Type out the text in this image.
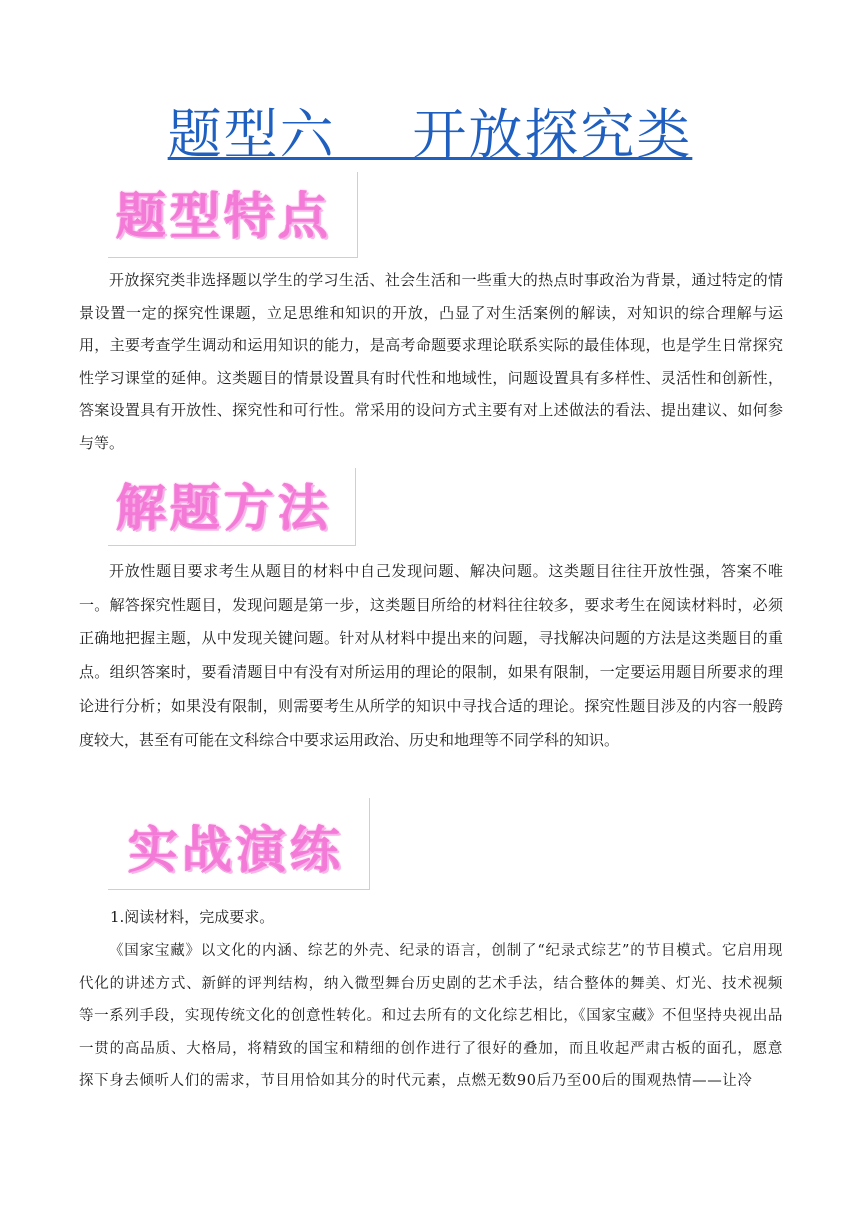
题型六    开放探究类
题型特点

开放探究类非选择题以学生的学习生活、社会生活和一些重大的热点时事政治为背景，通过特定的情景设置一定的探究性课题，立足思维和知识的开放，凸显了对生活案例的解读，对知识的综合理解与运用，主要考查学生调动和运用知识的能力，是高考命题要求理论联系实际的最佳体现，也是学生日常探究性学习课堂的延伸。这类题目的情景设置具有时代性和地域性，问题设置具有多样性、灵活性和创新性，答案设置具有开放性、探究性和可行性。常采用的设问方式主要有对上述做法的看法、提出建议、如何参与等。

解题方法

开放性题目要求考生从题目的材料中自己发现问题、解决问题。这类题目往往开放性强，答案不唯一。解答探究性题目，发现问题是第一步，这类题目所给的材料往往较多，要求考生在阅读材料时，必须正确地把握主题，从中发现关键问题。针对从材料中提出来的问题，寻找解决问题的方法是这类题目的重点。组织答案时，要看清题目中有没有对所运用的理论的限制，如果有限制，一定要运用题目所要求的理论进行分析；如果没有限制，则需要考生从所学的知识中寻找合适的理论。探究性题目涉及的内容一般跨度较大，甚至有可能在文科综合中要求运用政治、历史和地理等不同学科的知识。

实战演练

1.阅读材料，完成要求。

《国家宝藏》以文化的内涵、综艺的外壳、纪录的语言，创制了“纪录式综艺”的节目模式。它启用现代化的讲述方式、新鲜的评判结构，纳入微型舞台历史剧的艺术手法，结合整体的舞美、灯光、技术视频等一系列手段，实现传统文化的创意性转化。和过去所有的文化综艺相比，《国家宝藏》不但坚持央视出品一贯的高品质、大格局，将精致的国宝和精细的创作进行了很好的叠加，而且收起严肃古板的面孔，愿意探下身去倾听人们的需求，节目用恰如其分的时代元素，点燃无数90后乃至00后的围观热情——让冷
